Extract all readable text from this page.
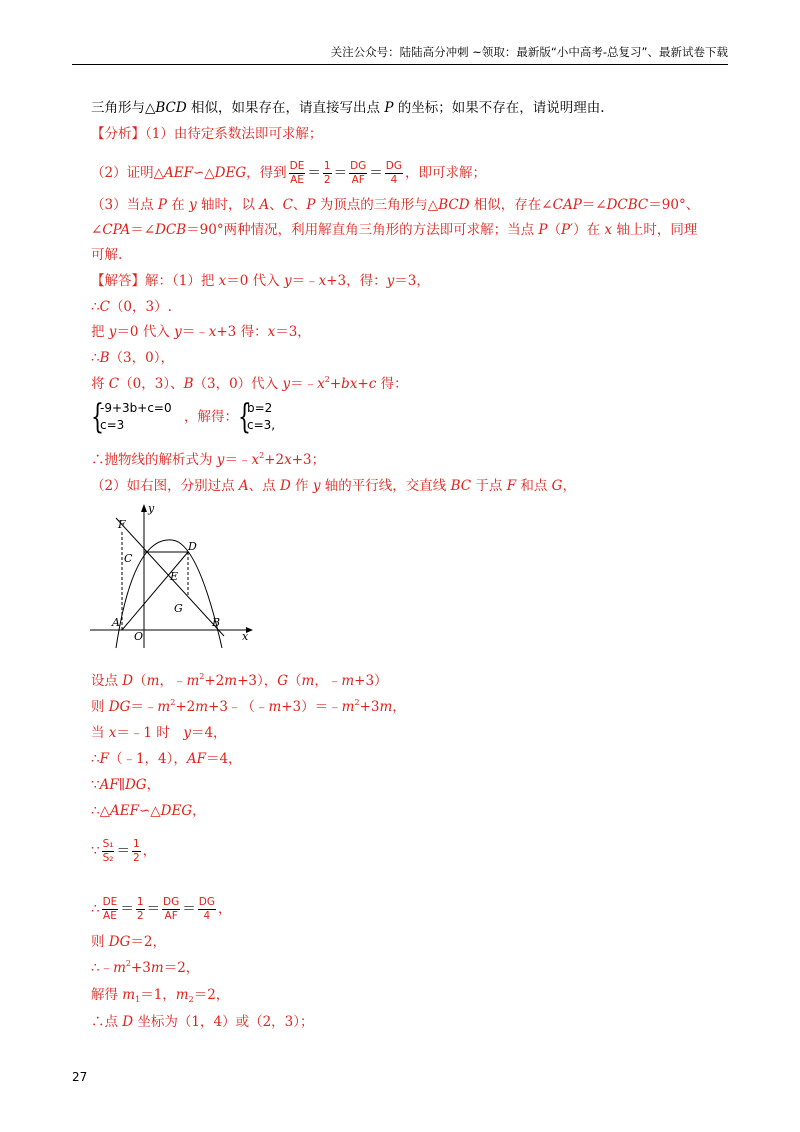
关注公众号：陆陆高分冲刺 ~领取：最新版“小中高考-总复习”、最新试卷下载
三角形与△BCD 相似，如果存在，请直接写出点 P 的坐标；如果不存在，请说明理由.
【分析】（1）由待定系数法即可求解；
（2）证明△AEF∽△DEG，得到 $\frac{DE}{AE} = \frac{1}{2} = \frac{DG}{AF} = \frac{DG}{4}$ ，即可求解；
（3）当点 P 在 y 轴时，以 A、C、P 为顶点的三角形与△BCD 相似，存在∠CAP＝∠DCBC＝90°、
∠CPA＝∠DCB＝90°两种情况，利用解直角三角形的方法即可求解；当点 P（P′）在 x 轴上时，同理
可解.
【解答】解：（1）把 x＝0 代入 y＝﹣x+3，得：y＝3，
∴C（0，3）.
把 y＝0 代入 y＝﹣x+3 得：x＝3，
∴B（3，0），
将 C（0，3）、B（3，0）代入 $y=﹣x^2+bx+c$ 得：
{
-9+3b+c=0
c=3
，解得： {
b=2
c=3,
∴抛物线的解析式为 $y=﹣x^2+2x+3$；
（2）如右图，分别过点 A、点 D 作 y 轴的平行线，交直线 BC 于点 F 和点 G，
y
F
C
D
E
G
A
O
B
x
设点 D（m，$﹣m^2+2m+3$），G（m，﹣m+3）
则 $DG=﹣m^2+2m+3﹣(﹣m+3)=﹣m^2+3m$，
当 x＝﹣1 时　y＝4，
∴F（﹣1，4），AF＝4，
∵AF∥DG，
∴△AEF∽△DEG，
∵ $\frac{\text{S₁}}{\text{S₂}} = \frac{1}{2}$ ，
∴ $\frac{DE}{AE} = \frac{1}{2} = \frac{DG}{AF} = \frac{DG}{4}$ ，
则 DG＝2，
$\therefore﹣m^2+3m=2$，
解得 $m_1=1$，$m_2=2$，
∴点 D 坐标为（1，4）或（2，3）；
27
